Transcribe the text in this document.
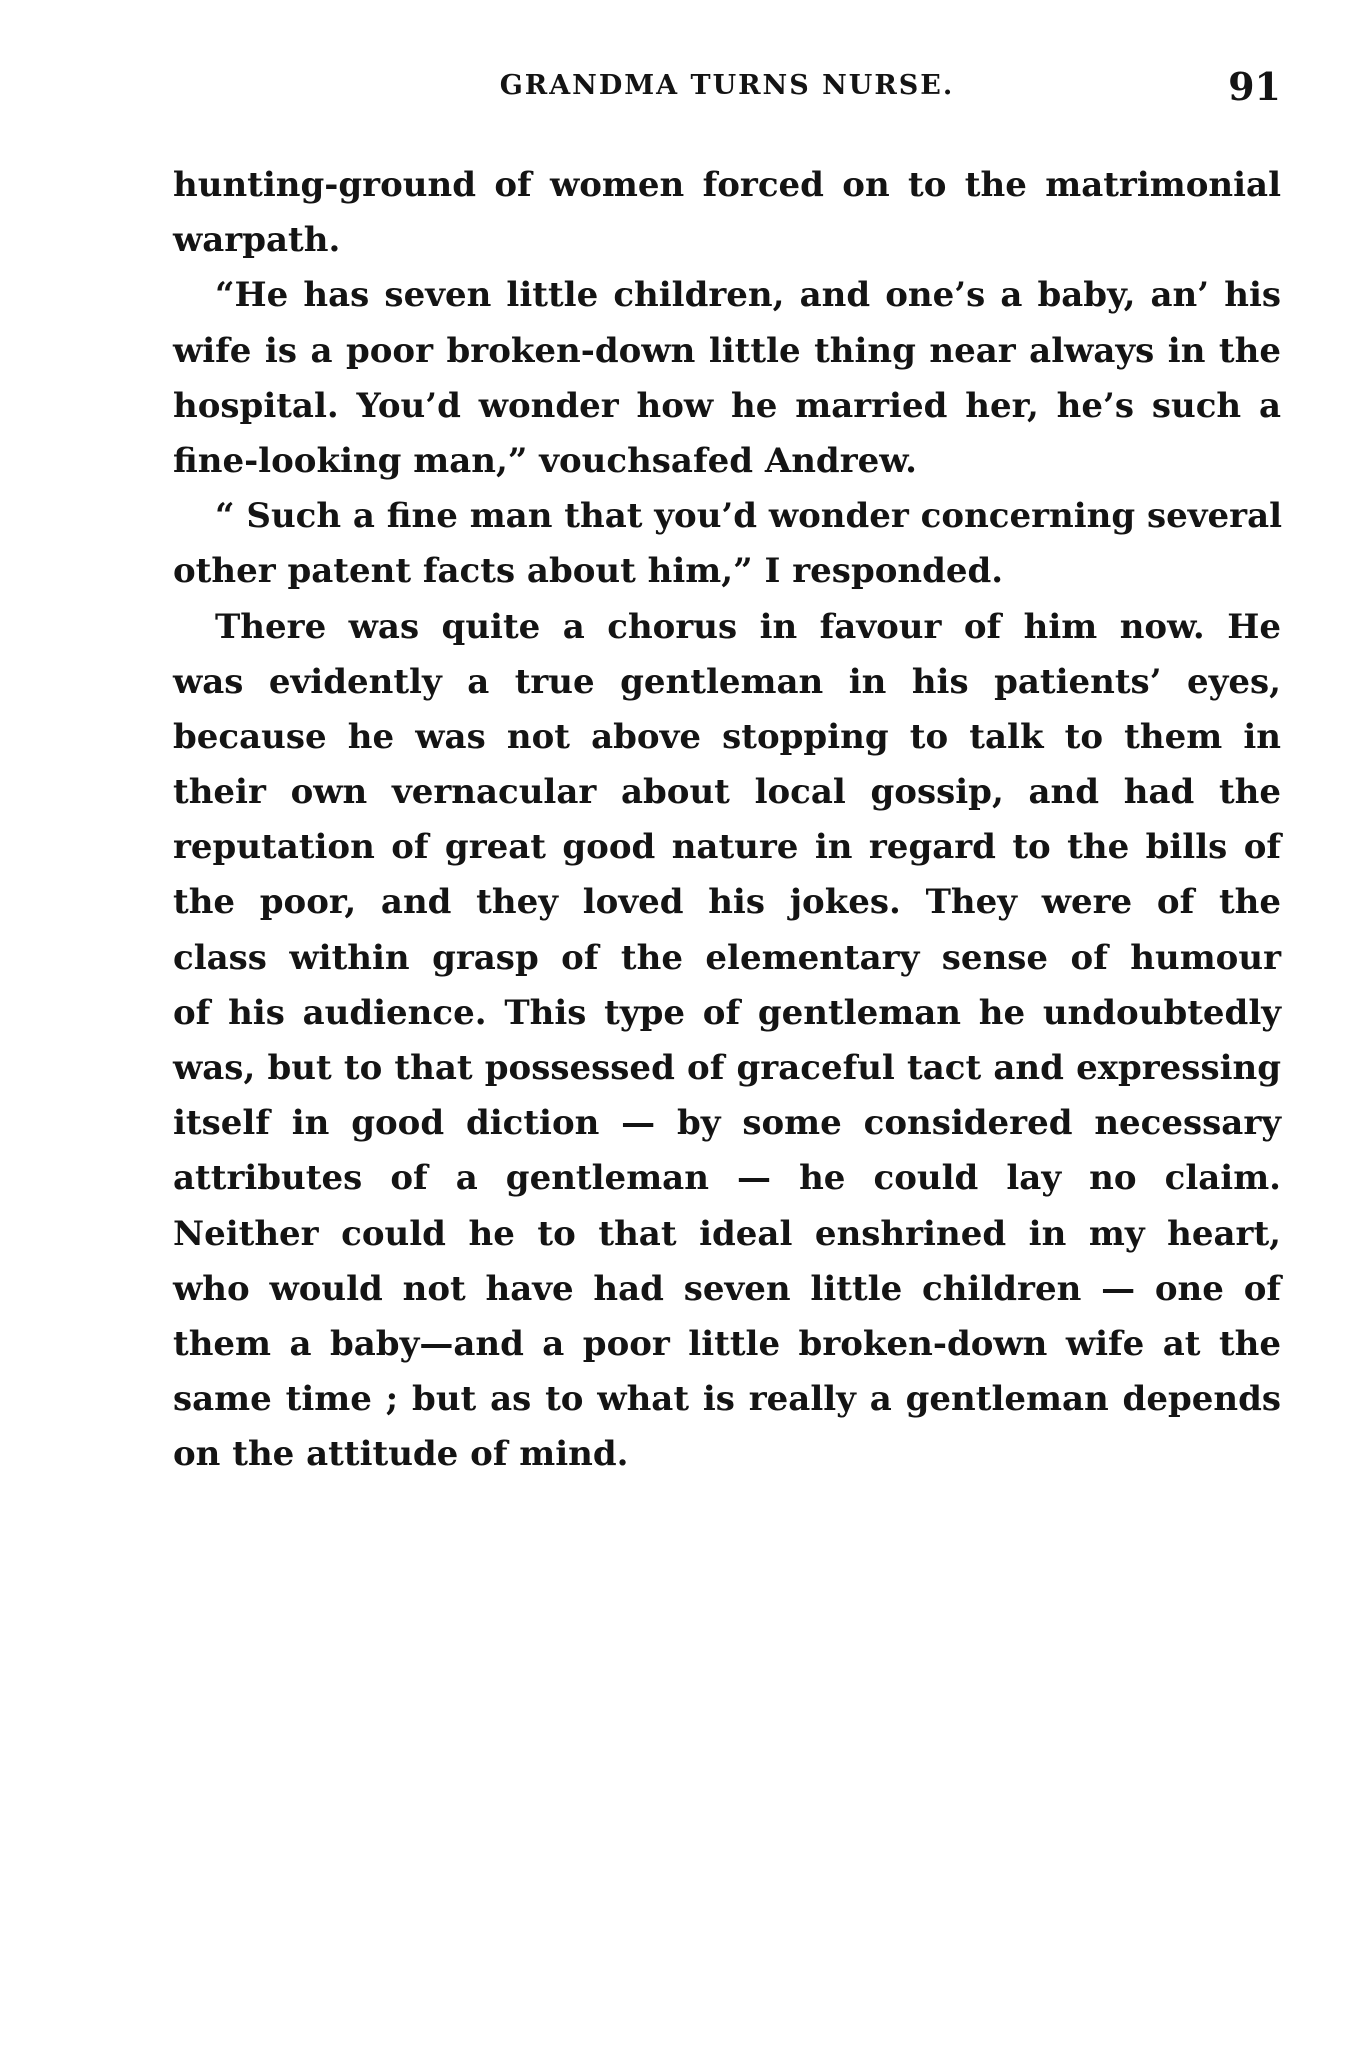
GRANDMA TURNS NURSE.	91
hunting-ground of women forced on to the matrimonial
warpath.
“He has seven little children, and one’s a baby, an’ his
wife is a poor broken-down little thing near always in the
hospital. You’d wonder how he married her, he’s such a
fine-looking man,” vouchsafed Andrew.
“ Such a fine man that you’d wonder concerning several
other patent facts about him,” I responded.
There was quite a chorus in favour of him now. He
was evidently a true gentleman in his patients’ eyes,
because he was not above stopping to talk to them in
their own vernacular about local gossip, and had the
reputation of great good nature in regard to the bills of
the poor, and they loved his jokes. They were of the
class within grasp of the elementary sense of humour
of his audience. This type of gentleman he undoubtedly
was, but to that possessed of graceful tact and expressing
itself in good diction — by some considered necessary
attributes of a gentleman — he could lay no claim.
Neither could he to that ideal enshrined in my heart,
who would not have had seven little children — one of
them a baby—and a poor little broken-down wife at the
same time ; but as to what is really a gentleman depends
on the attitude of mind.
